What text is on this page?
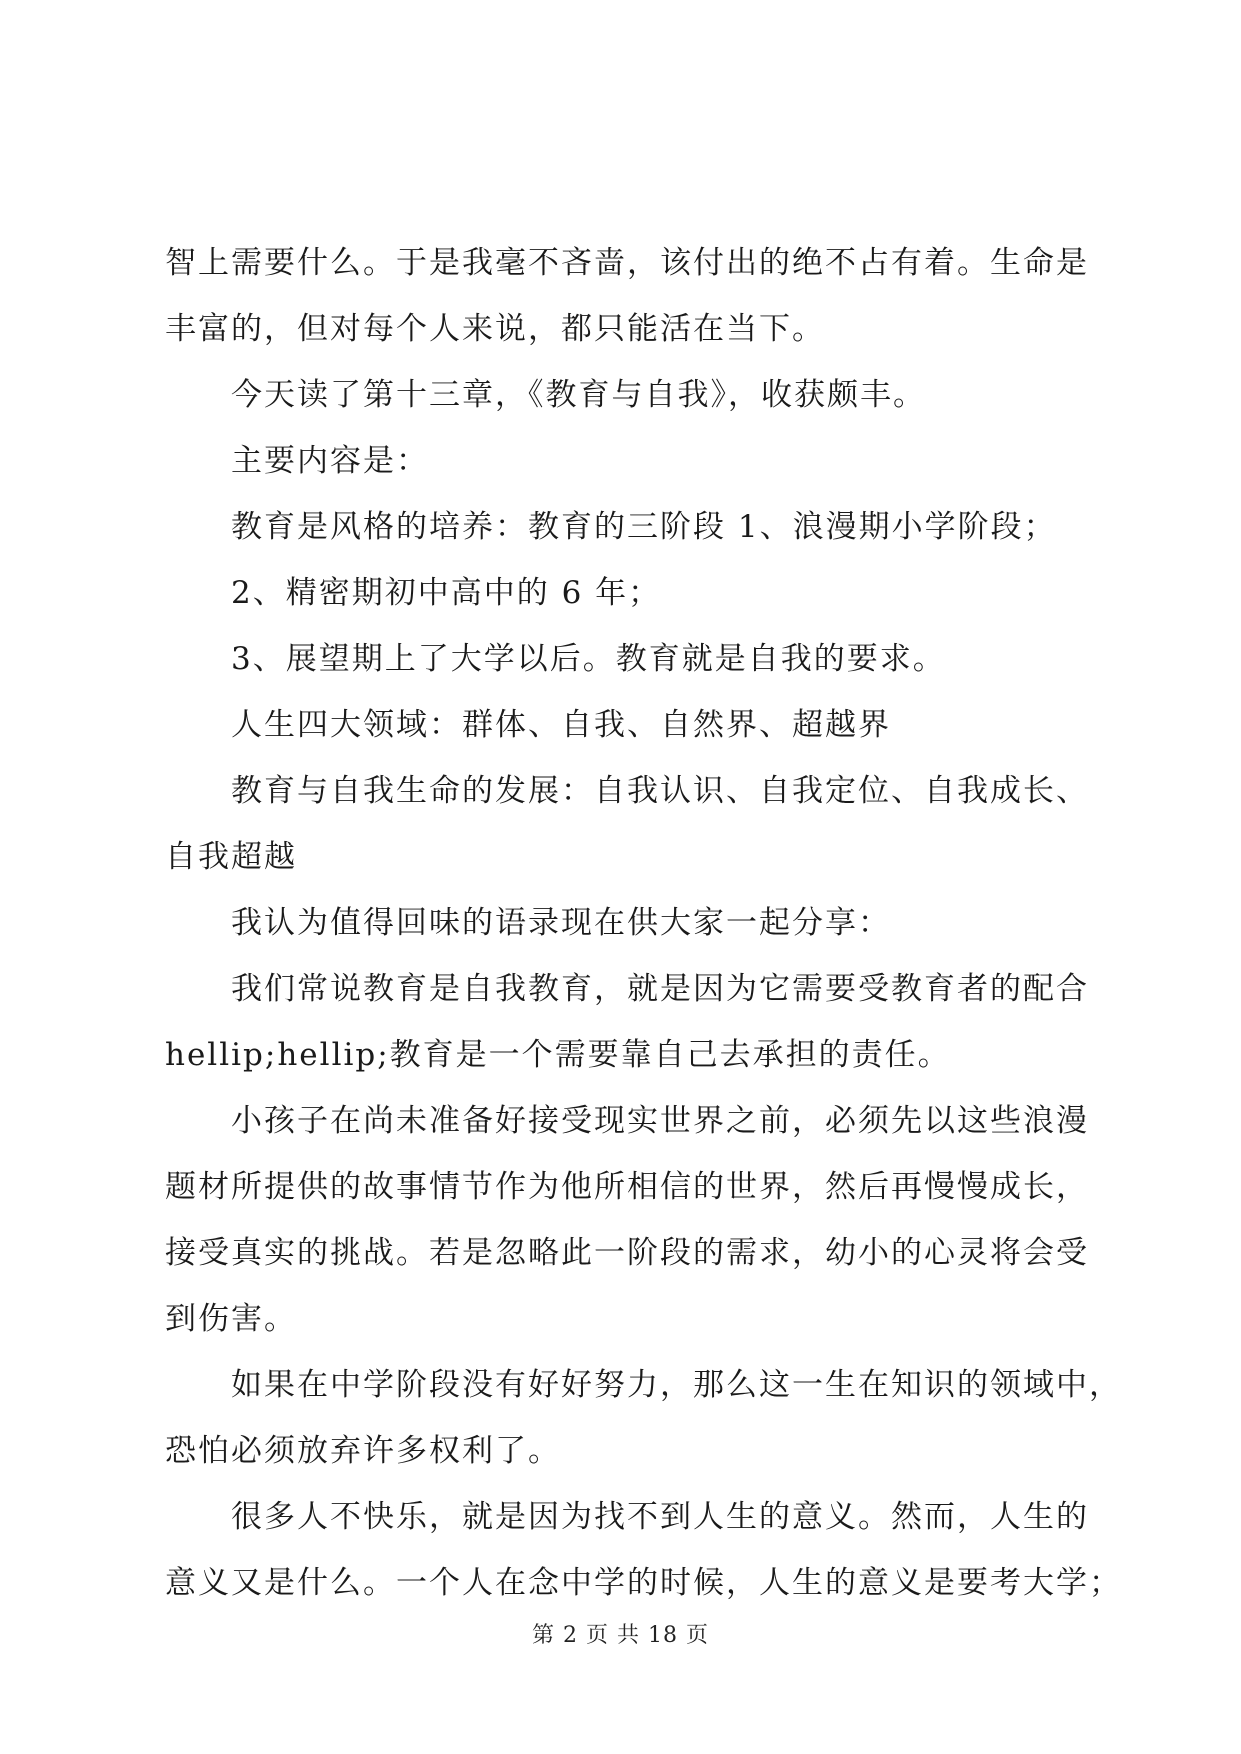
智上需要什么。于是我毫不吝啬，该付出的绝不占有着。生命是
丰富的，但对每个人来说，都只能活在当下。
今天读了第十三章，《教育与自我》，收获颇丰。
主要内容是：
教育是风格的培养：教育的三阶段 1、浪漫期小学阶段；
2、精密期初中高中的 6 年；
3、展望期上了大学以后。教育就是自我的要求。
人生四大领域：群体、自我、自然界、超越界
教育与自我生命的发展：自我认识、自我定位、自我成长、
自我超越
我认为值得回味的语录现在供大家一起分享：
我们常说教育是自我教育，就是因为它需要受教育者的配合
hellip;hellip;教育是一个需要靠自己去承担的责任。
小孩子在尚未准备好接受现实世界之前，必须先以这些浪漫
题材所提供的故事情节作为他所相信的世界，然后再慢慢成长，
接受真实的挑战。若是忽略此一阶段的需求，幼小的心灵将会受
到伤害。
如果在中学阶段没有好好努力，那么这一生在知识的领域中，
恐怕必须放弃许多权利了。
很多人不快乐，就是因为找不到人生的意义。然而，人生的
意义又是什么。一个人在念中学的时候，人生的意义是要考大学；
第 2 页 共 18 页
